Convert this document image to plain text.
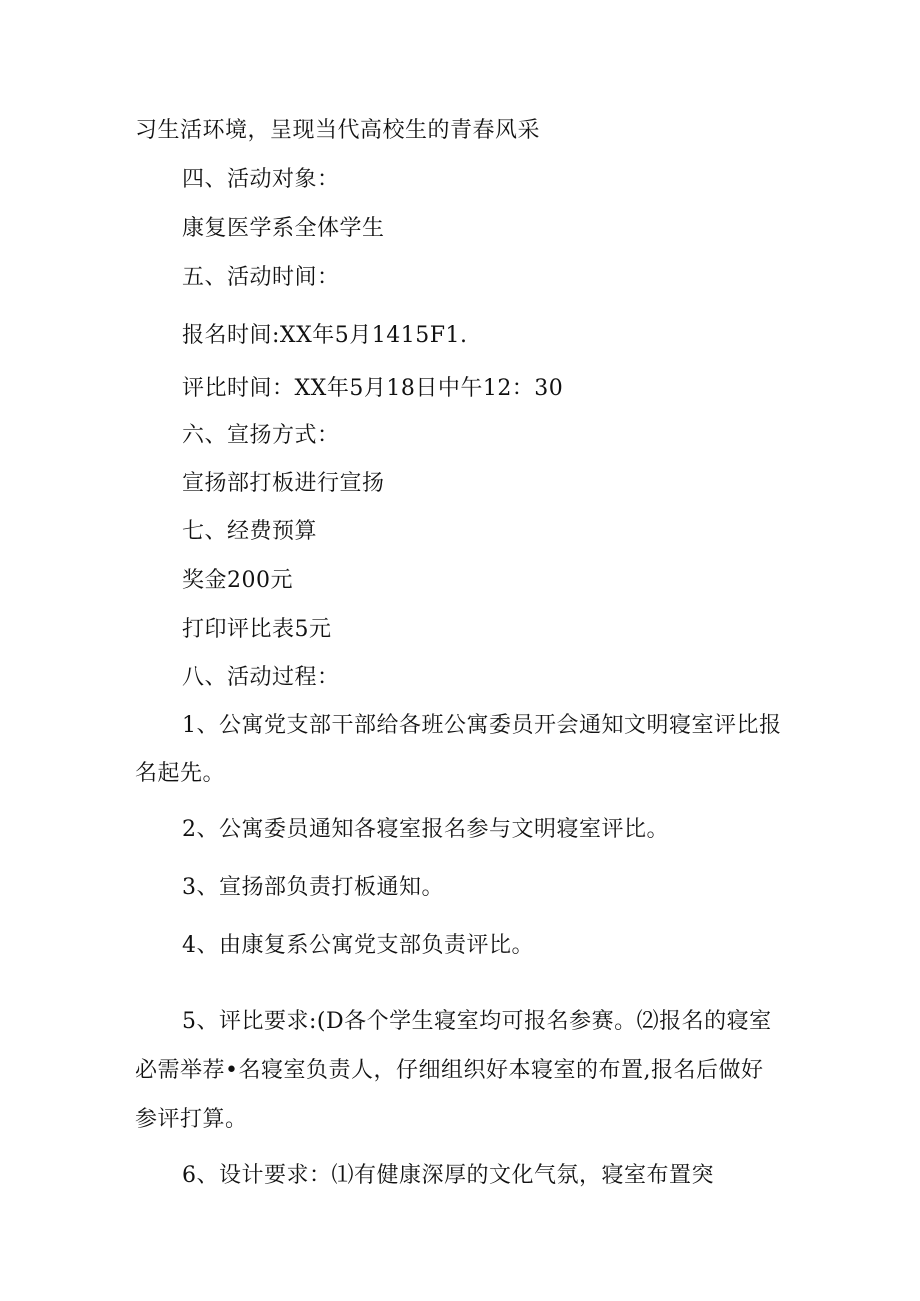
习生活环境，呈现当代高校生的青春风采
四、活动对象：
康复医学系全体学生
五、活动时间：
报名时间:XX年5月1415F1.
评比时间：XX年5月18日中午12：30
六、宣扬方式：
宣扬部打板进行宣扬
七、经费预算
奖金200元
打印评比表5元
八、活动过程：
1、公寓党支部干部给各班公寓委员开会通知文明寝室评比报
名起先。
2、公寓委员通知各寝室报名参与文明寝室评比。
3、宣扬部负责打板通知。
4、由康复系公寓党支部负责评比。
5、评比要求:(D各个学生寝室均可报名参赛。⑵报名的寝室
必需举荐•名寝室负责人，仔细组织好本寝室的布置,报名后做好
参评打算。
6、设计要求：⑴有健康深厚的文化气氛，寝室布置突
